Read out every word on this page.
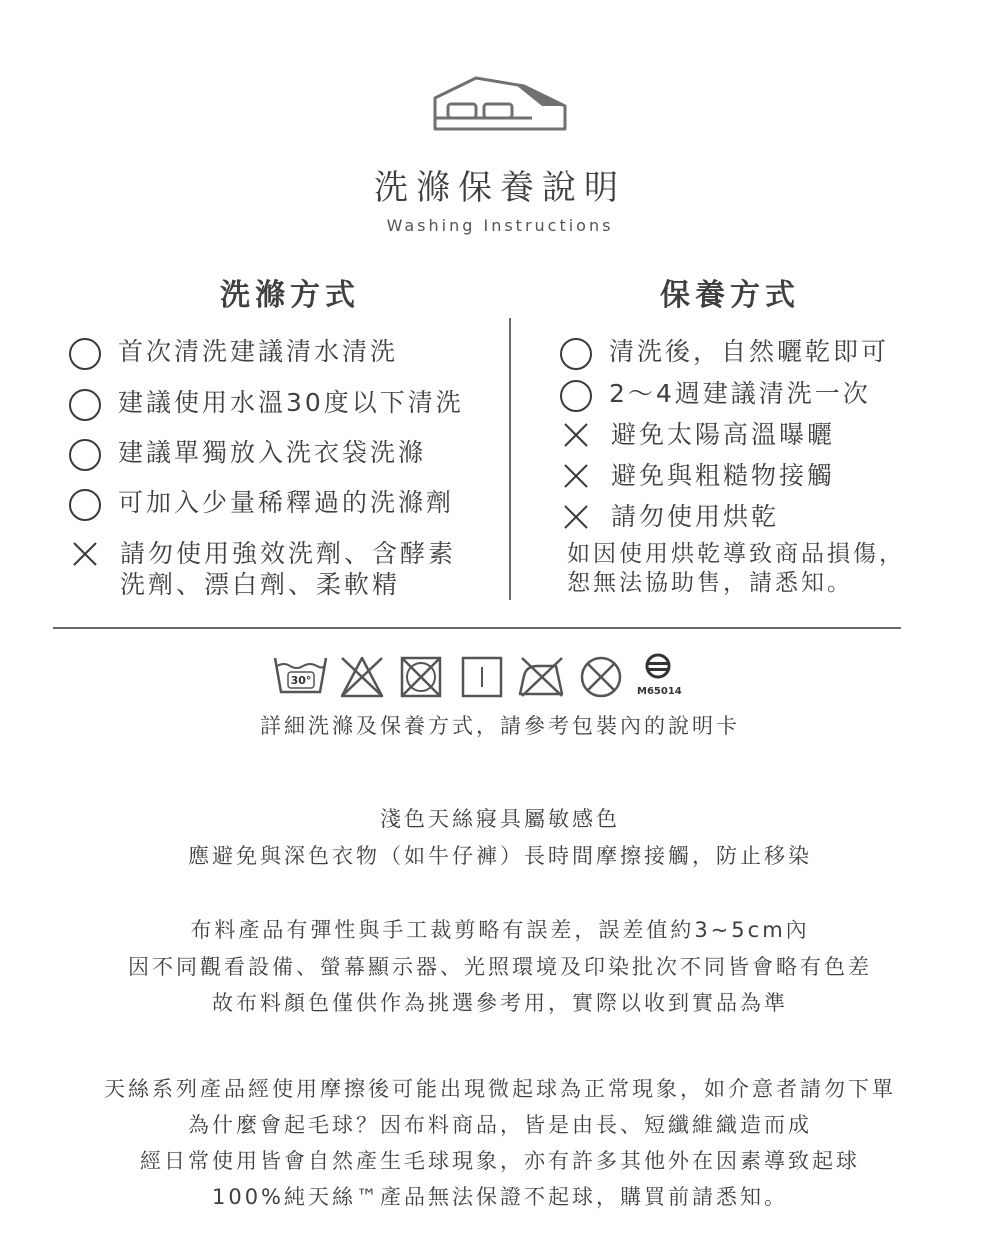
洗滌保養說明
Washing Instructions
洗滌方式	保養方式
首次清洗建議清水清洗
建議使用水溫30度以下清洗
建議單獨放入洗衣袋洗滌
可加入少量稀釋過的洗滌劑
請勿使用強效洗劑、含酵素
洗劑、漂白劑、柔軟精
清洗後，自然曬乾即可
2～4週建議清洗一次
避免太陽高溫曝曬
避免與粗糙物接觸
請勿使用烘乾
如因使用烘乾導致商品損傷，
恕無法協助售，請悉知。
30°
M65014
詳細洗滌及保養方式，請參考包裝內的說明卡
淺色天絲寢具屬敏感色
應避免與深色衣物（如牛仔褲）長時間摩擦接觸，防止移染
布料產品有彈性與手工裁剪略有誤差，誤差值約3~5cm內
因不同觀看設備、螢幕顯示器、光照環境及印染批次不同皆會略有色差
故布料顏色僅供作為挑選參考用，實際以收到實品為準
天絲系列產品經使用摩擦後可能出現微起球為正常現象，如介意者請勿下單
為什麼會起毛球？因布料商品，皆是由長、短纖維織造而成
經日常使用皆會自然產生毛球現象，亦有許多其他外在因素導致起球
100%純天絲™產品無法保證不起球，購買前請悉知。
